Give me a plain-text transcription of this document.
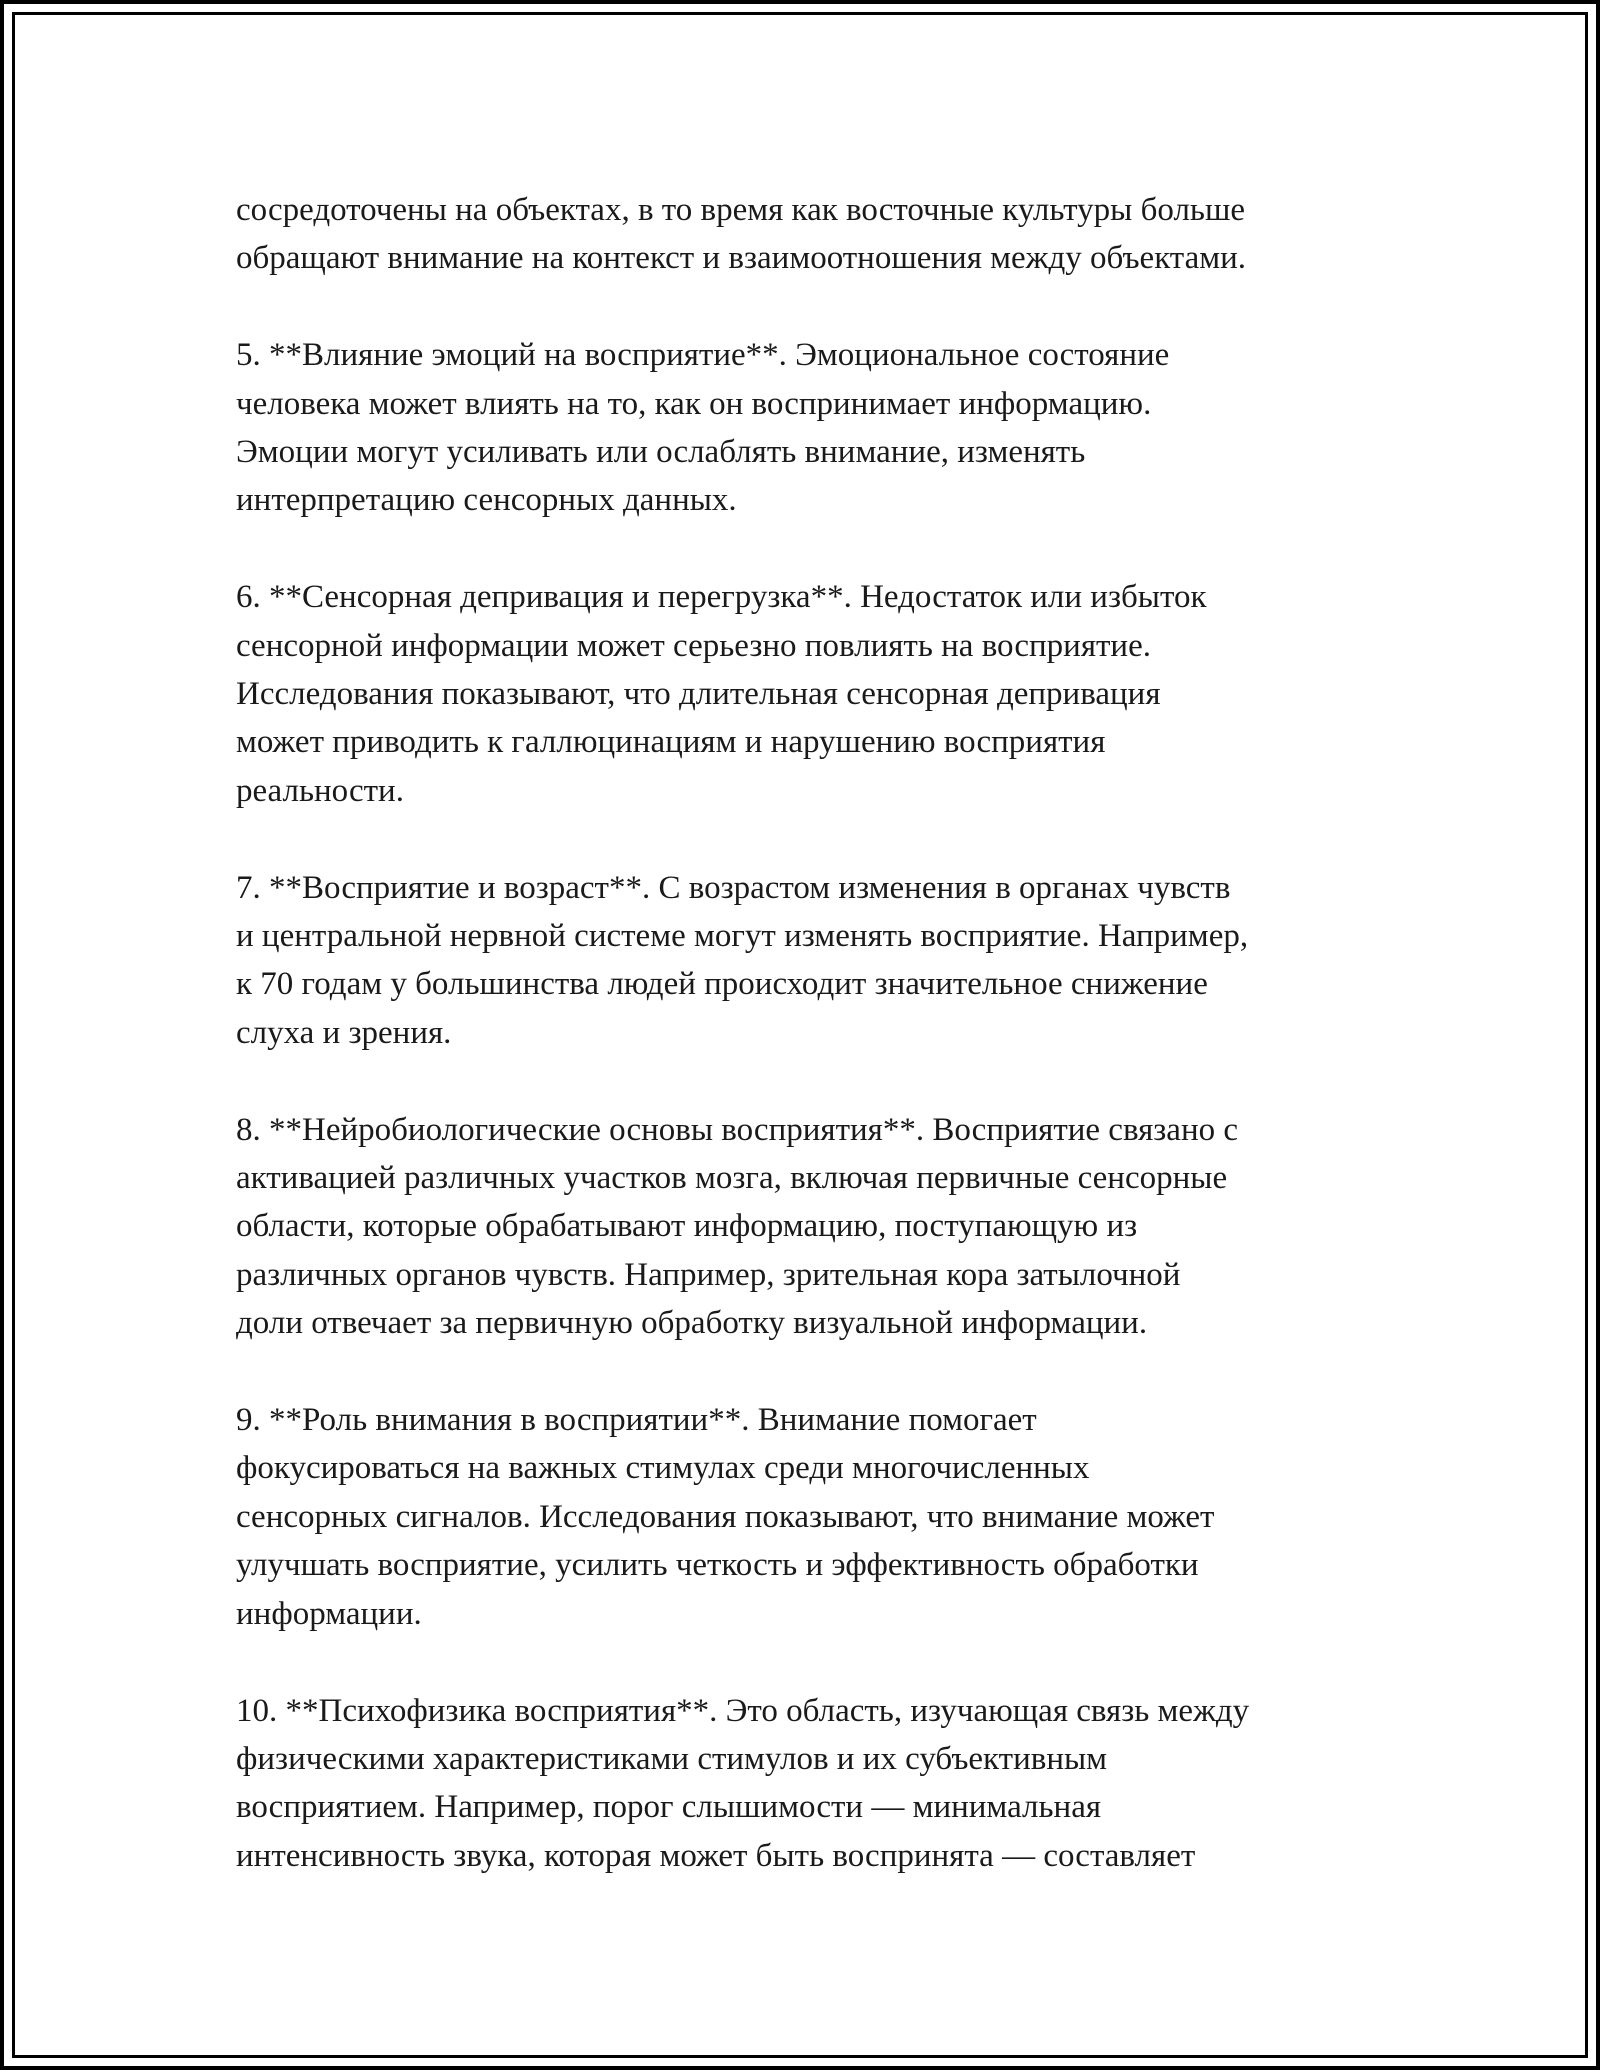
сосредоточены на объектах, в то время как восточные культуры больше
обращают внимание на контекст и взаимоотношения между объектами.

5. **Влияние эмоций на восприятие**. Эмоциональное состояние
человека может влиять на то, как он воспринимает информацию.
Эмоции могут усиливать или ослаблять внимание, изменять
интерпретацию сенсорных данных.

6. **Сенсорная депривация и перегрузка**. Недостаток или избыток
сенсорной информации может серьезно повлиять на восприятие.
Исследования показывают, что длительная сенсорная депривация
может приводить к галлюцинациям и нарушению восприятия
реальности.

7. **Восприятие и возраст**. С возрастом изменения в органах чувств
и центральной нервной системе могут изменять восприятие. Например,
к 70 годам у большинства людей происходит значительное снижение
слуха и зрения.

8. **Нейробиологические основы восприятия**. Восприятие связано с
активацией различных участков мозга, включая первичные сенсорные
области, которые обрабатывают информацию, поступающую из
различных органов чувств. Например, зрительная кора затылочной
доли отвечает за первичную обработку визуальной информации.

9. **Роль внимания в восприятии**. Внимание помогает
фокусироваться на важных стимулах среди многочисленных
сенсорных сигналов. Исследования показывают, что внимание может
улучшать восприятие, усилить четкость и эффективность обработки
информации.

10. **Психофизика восприятия**. Это область, изучающая связь между
физическими характеристиками стимулов и их субъективным
восприятием. Например, порог слышимости — минимальная
интенсивность звука, которая может быть воспринята — составляет
